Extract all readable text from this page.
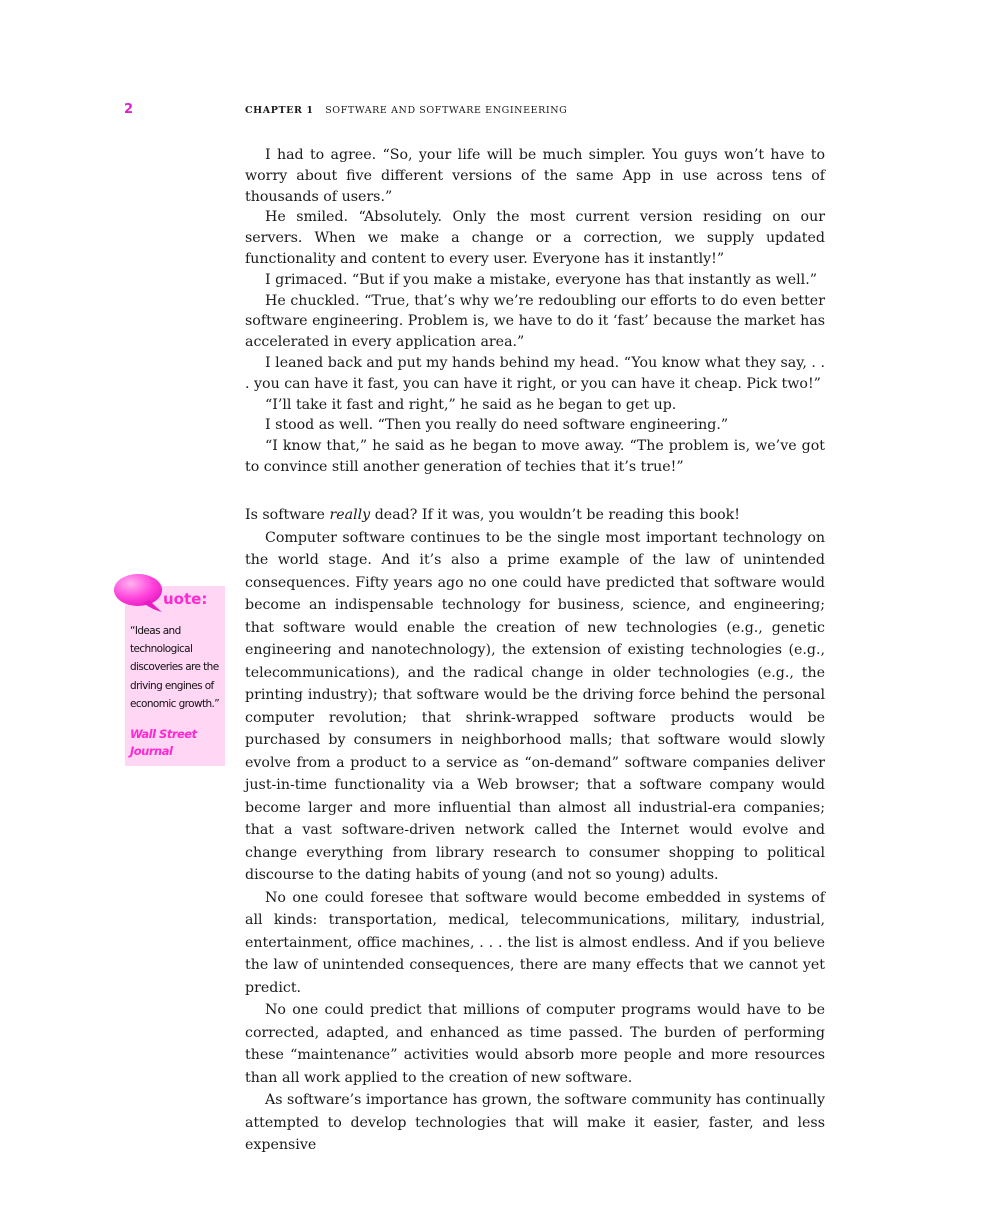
2	CHAPTER 1 SOFTWARE AND SOFTWARE ENGINEERING

I had to agree. “So, your life will be much simpler. You guys won’t have to worry about five different versions of the same App in use across tens of thousands of users.”

He smiled. “Absolutely. Only the most current version residing on our servers. When we make a change or a correction, we supply updated functionality and content to every user. Everyone has it instantly!”

I grimaced. “But if you make a mistake, everyone has that instantly as well.”

He chuckled. “True, that’s why we’re redoubling our efforts to do even better software engineering. Problem is, we have to do it ‘fast’ because the market has accelerated in every application area.”

I leaned back and put my hands behind my head. “You know what they say, . . . you can have it fast, you can have it right, or you can have it cheap. Pick two!”

“I’ll take it fast and right,” he said as he began to get up.

I stood as well. “Then you really do need software engineering.”

“I know that,” he said as he began to move away. “The problem is, we’ve got to convince still another generation of techies that it’s true!”

Is software really dead? If it was, you wouldn’t be reading this book!

Computer software continues to be the single most important technology on the world stage. And it’s also a prime example of the law of unintended consequences. Fifty years ago no one could have predicted that software would become an indispensable technology for business, science, and engineering; that software would enable the creation of new technologies (e.g., genetic engineering and nanotechnology), the extension of existing technologies (e.g., telecommunications), and the radical change in older technologies (e.g., the printing industry); that software would be the driving force behind the personal computer revolution; that shrink-wrapped software products would be purchased by consumers in neighborhood malls; that software would slowly evolve from a product to a service as “on-demand” software companies deliver just-in-time functionality via a Web browser; that a software company would become larger and more influential than almost all industrial-era companies; that a vast software-driven network called the Internet would evolve and change everything from library research to consumer shopping to political discourse to the dating habits of young (and not so young) adults.

No one could foresee that software would become embedded in systems of all kinds: transportation, medical, telecommunications, military, industrial, entertainment, office machines, . . . the list is almost endless. And if you believe the law of unintended consequences, there are many effects that we cannot yet predict.

No one could predict that millions of computer programs would have to be corrected, adapted, and enhanced as time passed. The burden of performing these “maintenance” activities would absorb more people and more resources than all work applied to the creation of new software.

As software’s importance has grown, the software community has continually attempted to develop technologies that will make it easier, faster, and less expensive

uote:
“Ideas and technological discoveries are the driving engines of economic growth.”
Wall Street Journal
